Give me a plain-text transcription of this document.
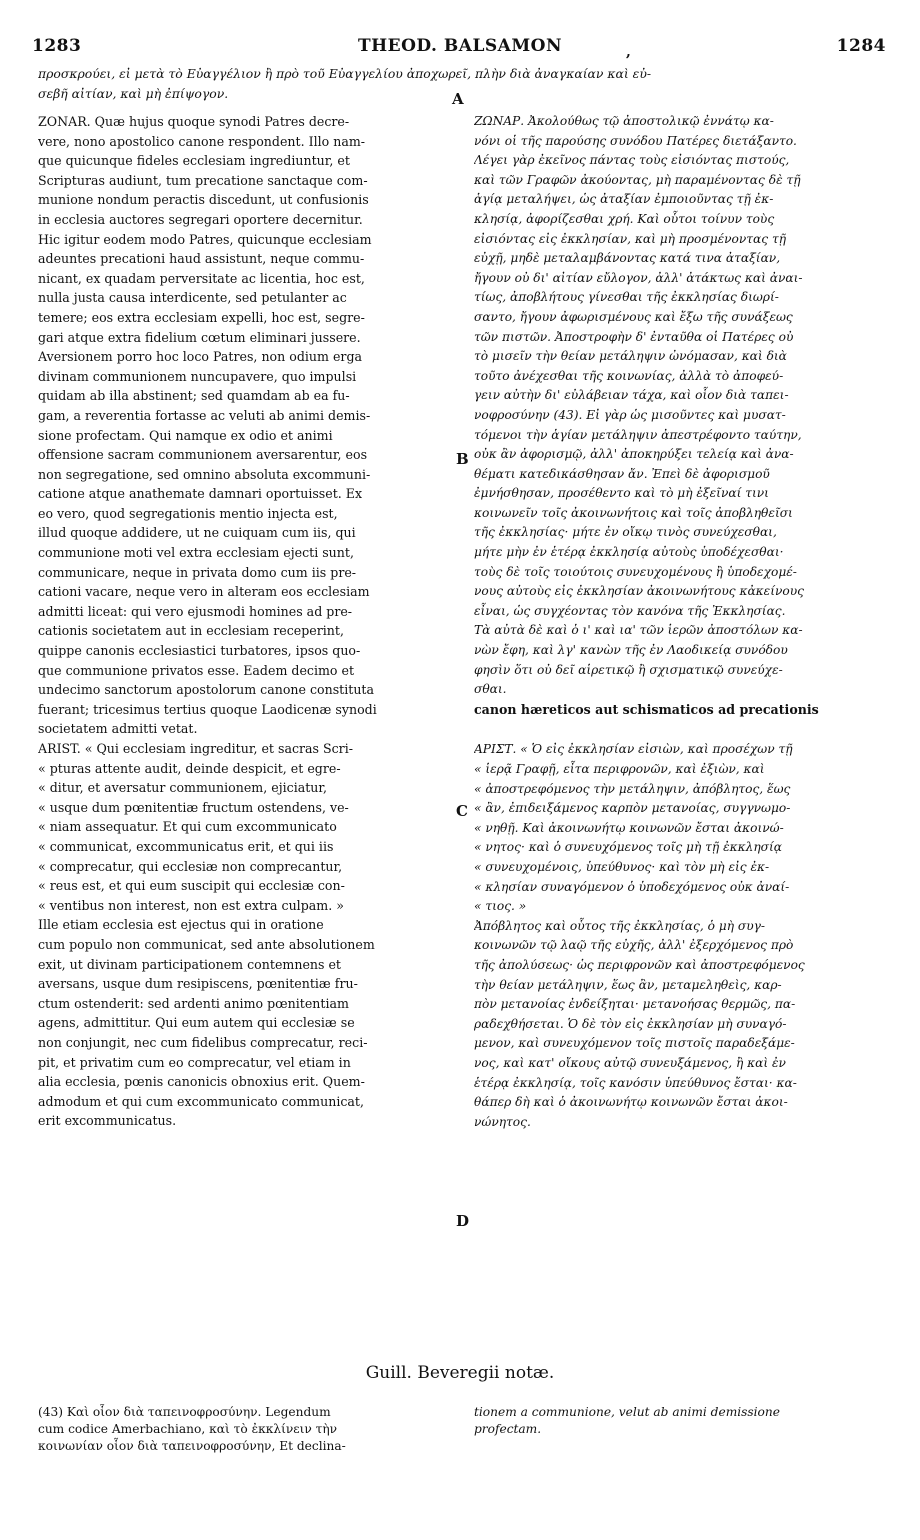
1283	THEOD. BALSAMON	1284
,
προσκρούει, εἰ μετὰ τὸ Εὐαγγέλιον ἢ πρὸ τοῦ Εὐαγγελίου ἀποχωρεῖ, πλὴν διὰ ἀναγκαίαν καὶ εὐ-
σεβῆ αἰτίαν, καὶ μὴ ἐπίψογον.	A
B
C
D
ZONAR. Quæ hujus quoque synodi Patres decre-
vere, nono apostolico canone respondent. Illo nam-
que quicunque fideles ecclesiam ingrediuntur, et
Scripturas audiunt, tum precatione sanctaque com-
munione nondum peractis discedunt, ut confusionis
in ecclesia auctores segregari oportere decernitur.
Hic igitur eodem modo Patres, quicunque ecclesiam
adeuntes precationi haud assistunt, neque commu-
nicant, ex quadam perversitate ac licentia, hoc est,
nulla justa causa interdicente, sed petulanter ac
temere; eos extra ecclesiam expelli, hoc est, segre-
gari atque extra fidelium cœtum eliminari jussere.
Aversionem porro hoc loco Patres, non odium erga
divinam communionem nuncupavere, quo impulsi
quidam ab illa abstinent; sed quamdam ab ea fu-
gam, a reverentia fortasse ac veluti ab animi demis-
sione profectam. Qui namque ex odio et animi
offensione sacram communionem aversarentur, eos
non segregatione, sed omnino absoluta excommuni-
catione atque anathemate damnari oportuisset. Ex
eo vero, quod segregationis mentio injecta est,
illud quoque addidere, ut ne cuiquam cum iis, qui
communione moti vel extra ecclesiam ejecti sunt,
communicare, neque in privata domo cum iis pre-
cationi vacare, neque vero in alteram eos ecclesiam
admitti liceat: qui vero ejusmodi homines ad pre-
cationis societatem aut in ecclesiam receperint,
quippe canonis ecclesiastici turbatores, ipsos quo-
que communione privatos esse. Eadem decimo et
undecimo sanctorum apostolorum canone constituta
fuerant; tricesimus tertius quoque Laodicenæ synodi
societatem admitti vetat.
ARIST. « Qui ecclesiam ingreditur, et sacras Scri-
« pturas attente audit, deinde despicit, et egre-
« ditur, et aversatur communionem, ejiciatur,
« usque dum pœnitentiæ fructum ostendens, ve-
« niam assequatur. Et qui cum excommunicato
« communicat, excommunicatus erit, et qui iis
« comprecatur, qui ecclesiæ non comprecantur,
« reus est, et qui eum suscipit qui ecclesiæ con-
« ventibus non interest, non est extra culpam. »
Ille etiam ecclesia est ejectus qui in oratione
cum populo non communicat, sed ante absolutionem
exit, ut divinam participationem contemnens et
aversans, usque dum resipiscens, pœnitentiæ fru-
ctum ostenderit: sed ardenti animo pœnitentiam
agens, admittitur. Qui eum autem qui ecclesiæ se
non conjungit, nec cum fidelibus comprecatur, reci-
pit, et privatim cum eo comprecatur, vel etiam in
alia ecclesia, pœnis canonicis obnoxius erit. Quem-
admodum et qui cum excommunicato communicat,
erit excommunicatus.
ΖΩΝΑΡ. Ἀκολούθως τῷ ἀποστολικῷ ἐννάτῳ κα-
νόνι οἱ τῆς παρούσης συνόδου Πατέρες διετάξαντο.
Λέγει γὰρ ἐκεῖνος πάντας τοὺς εἰσιόντας πιστούς,
καὶ τῶν Γραφῶν ἀκούοντας, μὴ παραμένοντας δὲ τῇ
ἁγίᾳ μεταλήψει, ὡς ἀταξίαν ἐμποιοῦντας τῇ ἐκ-
κλησίᾳ, ἀφορίζεσθαι χρή. Καὶ οὗτοι τοίνυν τοὺς
εἰσιόντας εἰς ἐκκλησίαν, καὶ μὴ προσμένοντας τῇ
εὐχῇ, μηδὲ μεταλαμβάνοντας κατά τινα ἀταξίαν,
ἤγουν οὐ δι' αἰτίαν εὔλογον, ἀλλ' ἀτάκτως καὶ ἀναι-
τίως, ἀποβλήτους γίνεσθαι τῆς ἐκκλησίας διωρί-
σαντο, ἤγουν ἀφωρισμένους καὶ ἔξω τῆς συνάξεως
τῶν πιστῶν. Ἀποστροφὴν δ' ἐνταῦθα οἱ Πατέρες οὐ
τὸ μισεῖν τὴν θείαν μετάληψιν ὠνόμασαν, καὶ διὰ
τοῦτο ἀνέχεσθαι τῆς κοινωνίας, ἀλλὰ τὸ ἀποφεύ-
γειν αὐτὴν δι' εὐλάβειαν τάχα, καὶ οἷον διὰ ταπει-
νοφροσύνην (43). Εἰ γὰρ ὡς μισοῦντες καὶ μυσατ-
τόμενοι τὴν ἁγίαν μετάληψιν ἀπεστρέφοντο ταύτην,
οὐκ ἂν ἀφορισμῷ, ἀλλ' ἀποκηρύξει τελείᾳ καὶ ἀνα-
θέματι κατεδικάσθησαν ἄν. Ἐπεὶ δὲ ἀφορισμοῦ
ἐμνήσθησαν, προσέθεντο καὶ τὸ μὴ ἐξεῖναί τινι
κοινωνεῖν τοῖς ἀκοινωνήτοις καὶ τοῖς ἀποβληθεῖσι
τῆς ἐκκλησίας· μήτε ἐν οἴκῳ τινὸς συνεύχεσθαι,
μήτε μὴν ἐν ἑτέρᾳ ἐκκλησίᾳ αὐτοὺς ὑποδέχεσθαι·
τοὺς δὲ τοῖς τοιούτοις συνευχομένους ἢ ὑποδεχομέ-
νους αὐτοὺς εἰς ἐκκλησίαν ἀκοινωνήτους κἀκείνους
εἶναι, ὡς συγχέοντας τὸν κανόνα τῆς Ἐκκλησίας.
Τὰ αὐτὰ δὲ καὶ ὁ ι' καὶ ια' τῶν ἱερῶν ἀποστόλων κα-
νὼν ἔφη, καὶ λγ' κανὼν τῆς ἐν Λαοδικείᾳ συνόδου
φησὶν ὅτι οὐ δεῖ αἱρετικῷ ἢ σχισματικῷ συνεύχε-
σθαι.
canon hæreticos aut schismaticos ad precationis
ΑΡΙΣΤ. « Ὁ εἰς ἐκκλησίαν εἰσιὼν, καὶ προσέχων τῇ
« ἱερᾷ Γραφῇ, εἶτα περιφρονῶν, καὶ ἐξιὼν, καὶ
« ἀποστρεφόμενος τὴν μετάληψιν, ἀπόβλητος, ἕως
« ἂν, ἐπιδειξάμενος καρπὸν μετανοίας, συγγνωμο-
« νηθῇ. Καὶ ἀκοινωνήτῳ κοινωνῶν ἔσται ἀκοινώ-
« νητος· καὶ ὁ συνευχόμενος τοῖς μὴ τῇ ἐκκλησίᾳ
« συνευχομένοις, ὑπεύθυνος· καὶ τὸν μὴ εἰς ἐκ-
« κλησίαν συναγόμενον ὁ ὑποδεχόμενος οὐκ ἀναί-
« τιος. »
Ἀπόβλητος καὶ οὗτος τῆς ἐκκλησίας, ὁ μὴ συγ-
κοινωνῶν τῷ λαῷ τῆς εὐχῆς, ἀλλ' ἐξερχόμενος πρὸ
τῆς ἀπολύσεως· ὡς περιφρονῶν καὶ ἀποστρεφόμενος
τὴν θείαν μετάληψιν, ἕως ἂν, μεταμεληθεὶς, καρ-
πὸν μετανοίας ἐνδείξηται· μετανοήσας θερμῶς, πα-
ραδεχθήσεται. Ὁ δὲ τὸν εἰς ἐκκλησίαν μὴ συναγό-
μενον, καὶ συνευχόμενον τοῖς πιστοῖς παραδεξάμε-
νος, καὶ κατ' οἴκους αὐτῷ συνευξάμενος, ἢ καὶ ἐν
ἑτέρᾳ ἐκκλησίᾳ, τοῖς κανόσιν ὑπεύθυνος ἔσται· κα-
θάπερ δὴ καὶ ὁ ἀκοινωνήτῳ κοινωνῶν ἔσται ἀκοι-
νώνητος.
Guill. Beveregii notæ.
(43) Καὶ οἷον διὰ ταπεινοφροσύνην. Legendum
cum codice Amerbachiano, καὶ τὸ ἐκκλίνειν τὴν
κοινωνίαν οἷον διὰ ταπεινοφροσύνην, Et declina-
tionem a communione, velut ab animi demissione
profectam.
